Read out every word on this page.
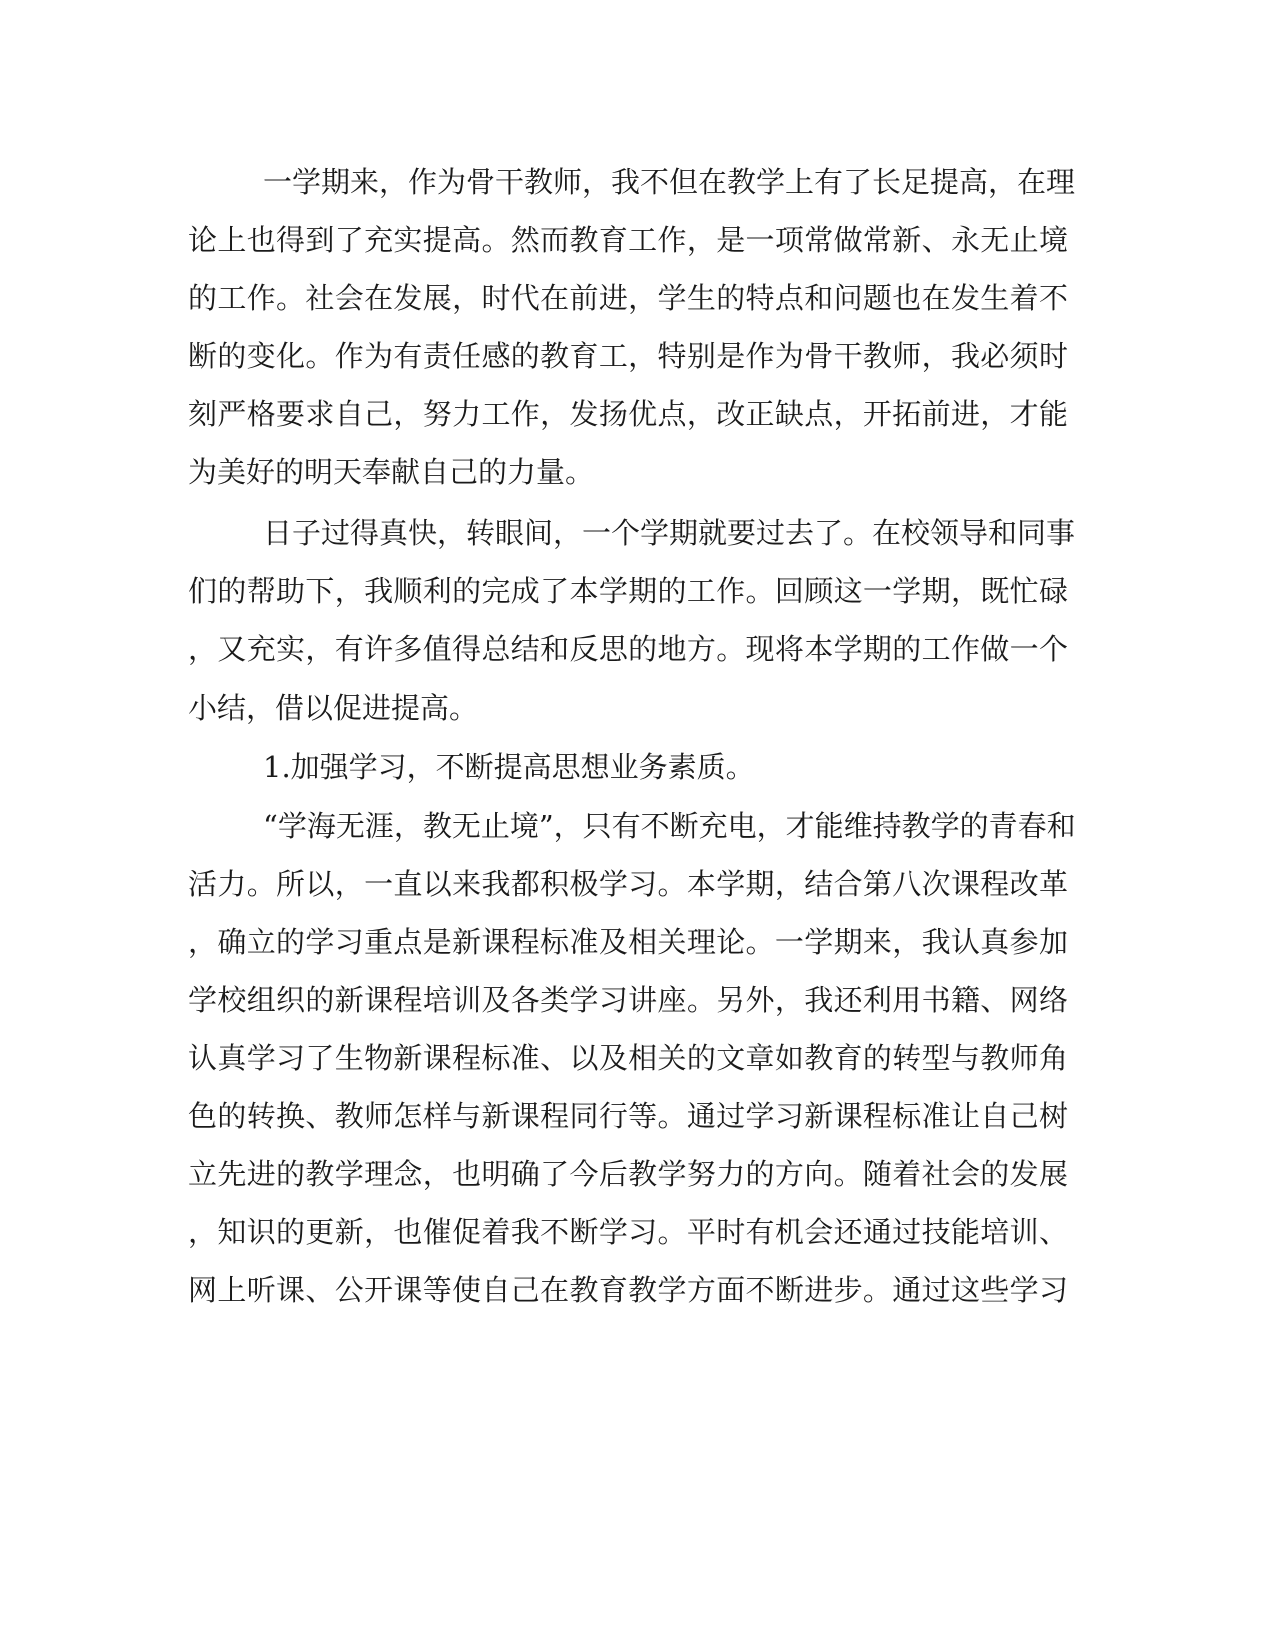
一学期来，作为骨干教师，我不但在教学上有了长足提高，在理
论上也得到了充实提高。然而教育工作，是一项常做常新、永无止境
的工作。社会在发展，时代在前进，学生的特点和问题也在发生着不
断的变化。作为有责任感的教育工，特别是作为骨干教师，我必须时
刻严格要求自己，努力工作，发扬优点，改正缺点，开拓前进，才能
为美好的明天奉献自己的力量。
日子过得真快，转眼间，一个学期就要过去了。在校领导和同事
们的帮助下，我顺利的完成了本学期的工作。回顾这一学期，既忙碌
，又充实，有许多值得总结和反思的地方。现将本学期的工作做一个
小结，借以促进提高。
1.加强学习，不断提高思想业务素质。
“学海无涯，教无止境”，只有不断充电，才能维持教学的青春和
活力。所以，一直以来我都积极学习。本学期，结合第八次课程改革
，确立的学习重点是新课程标准及相关理论。一学期来，我认真参加
学校组织的新课程培训及各类学习讲座。另外，我还利用书籍、网络
认真学习了生物新课程标准、以及相关的文章如教育的转型与教师角
色的转换、教师怎样与新课程同行等。通过学习新课程标准让自己树
立先进的教学理念，也明确了今后教学努力的方向。随着社会的发展
，知识的更新，也催促着我不断学习。平时有机会还通过技能培训、
网上听课、公开课等使自己在教育教学方面不断进步。通过这些学习
